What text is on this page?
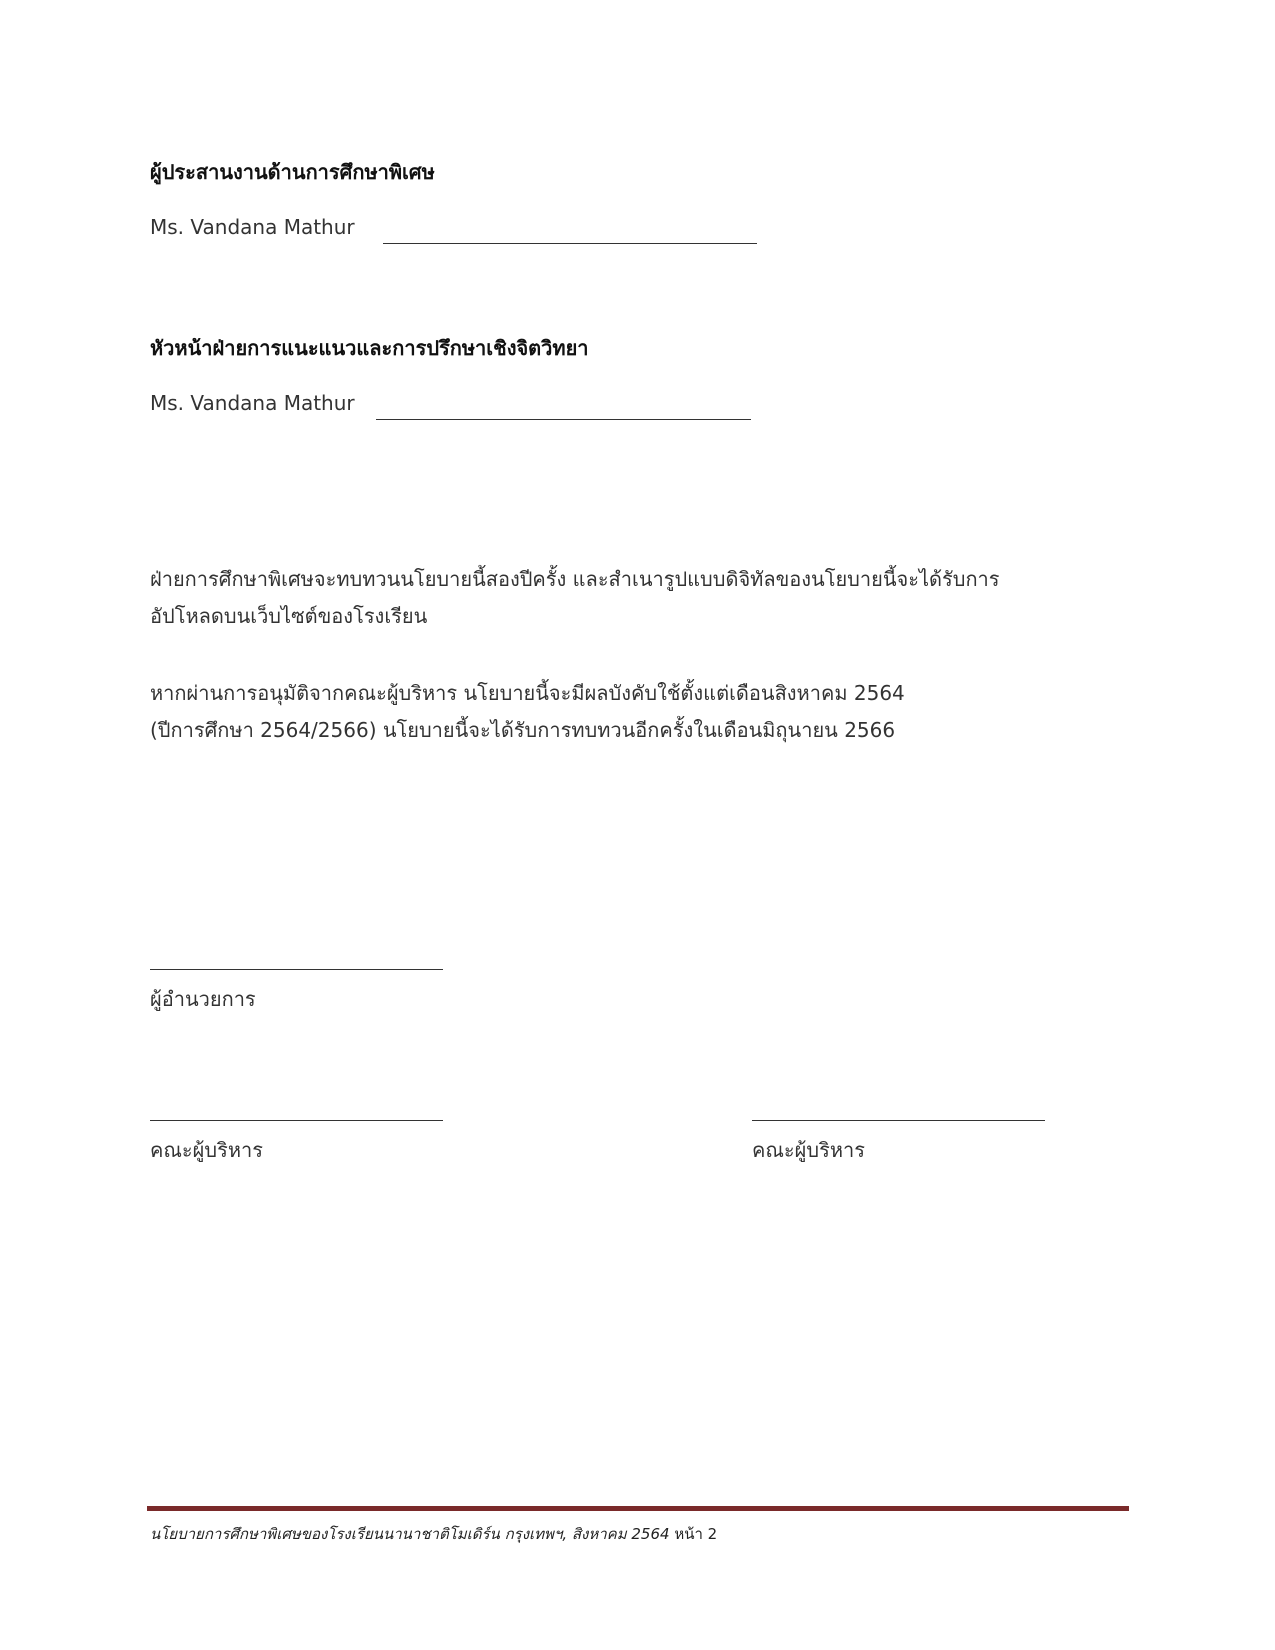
ผู้ประสานงานด้านการศึกษาพิเศษ
Ms. Vandana Mathur
หัวหน้าฝ่ายการแนะแนวและการปรึกษาเชิงจิตวิทยา
Ms. Vandana Mathur
ฝ่ายการศึกษาพิเศษจะทบทวนนโยบายนี้สองปีครั้ง และสำเนารูปแบบดิจิทัลของนโยบายนี้จะได้รับการ
อัปโหลดบนเว็บไซต์ของโรงเรียน
หากผ่านการอนุมัติจากคณะผู้บริหาร นโยบายนี้จะมีผลบังคับใช้ตั้งแต่เดือนสิงหาคม 2564
(ปีการศึกษา 2564/2566) นโยบายนี้จะได้รับการทบทวนอีกครั้งในเดือนมิถุนายน 2566
ผู้อำนวยการ
คณะผู้บริหาร	คณะผู้บริหาร
นโยบายการศึกษาพิเศษของโรงเรียนนานาชาติโมเดิร์น กรุงเทพฯ, สิงหาคม 2564 หน้า 2
